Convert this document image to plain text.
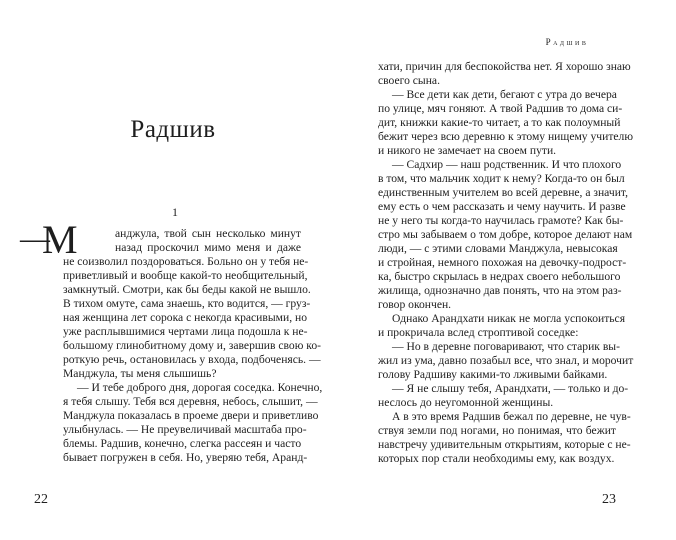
Радшив
1
—
М	анджула, твой сын несколько минут
назад проскочил мимо меня и даже
не соизволил поздороваться. Больно он у тебя не-
приветливый и вообще какой-то необщительный,
замкнутый. Смотри, как бы беды какой не вышло.
В тихом омуте, сама знаешь, кто водится, — груз-
ная женщина лет сорока с некогда красивыми, но
уже расплывшимися чертами лица подошла к не-
большому глинобитному дому и, завершив свою ко-
роткую речь, остановилась у входа, подбоченясь. —
Манджула, ты меня слышишь?
— И тебе доброго дня, дорогая соседка. Конечно,
я тебя слышу. Тебя вся деревня, небось, слышит, —
Манджула показалась в проеме двери и приветливо
улыбнулась. — Не преувеличивай масштаба про-
блемы. Радшив, конечно, слегка рассеян и часто
бывает погружен в себя. Но, уверяю тебя, Аранд-
22
Радшив
хати, причин для беспокойства нет. Я хорошо знаю
своего сына.
— Все дети как дети, бегают с утра до вечера
по улице, мяч гоняют. А твой Радшив то дома си-
дит, книжки какие-то читает, а то как полоумный
бежит через всю деревню к этому нищему учителю
и никого не замечает на своем пути.
— Садхир — наш родственник. И что плохого
в том, что мальчик ходит к нему? Когда-то он был
единственным учителем во всей деревне, а значит,
ему есть о чем рассказать и чему научить. И разве
не у него ты когда-то научилась грамоте? Как бы-
стро мы забываем о том добре, которое делают нам
люди, — с этими словами Манджула, невысокая
и стройная, немного похожая на девочку-подрост-
ка, быстро скрылась в недрах своего небольшого
жилища, однозначно дав понять, что на этом раз-
говор окончен.
Однако Арандхати никак не могла успокоиться
и прокричала вслед строптивой соседке:
— Но в деревне поговаривают, что старик вы-
жил из ума, давно позабыл все, что знал, и морочит
голову Радшиву какими-то лживыми байками.
— Я не слышу тебя, Арандхати, — только и до-
неслось до неугомонной женщины.
А в это время Радшив бежал по деревне, не чув-
ствуя земли под ногами, но понимая, что бежит
навстречу удивительным открытиям, которые с не-
которых пор стали необходимы ему, как воздух.
23
